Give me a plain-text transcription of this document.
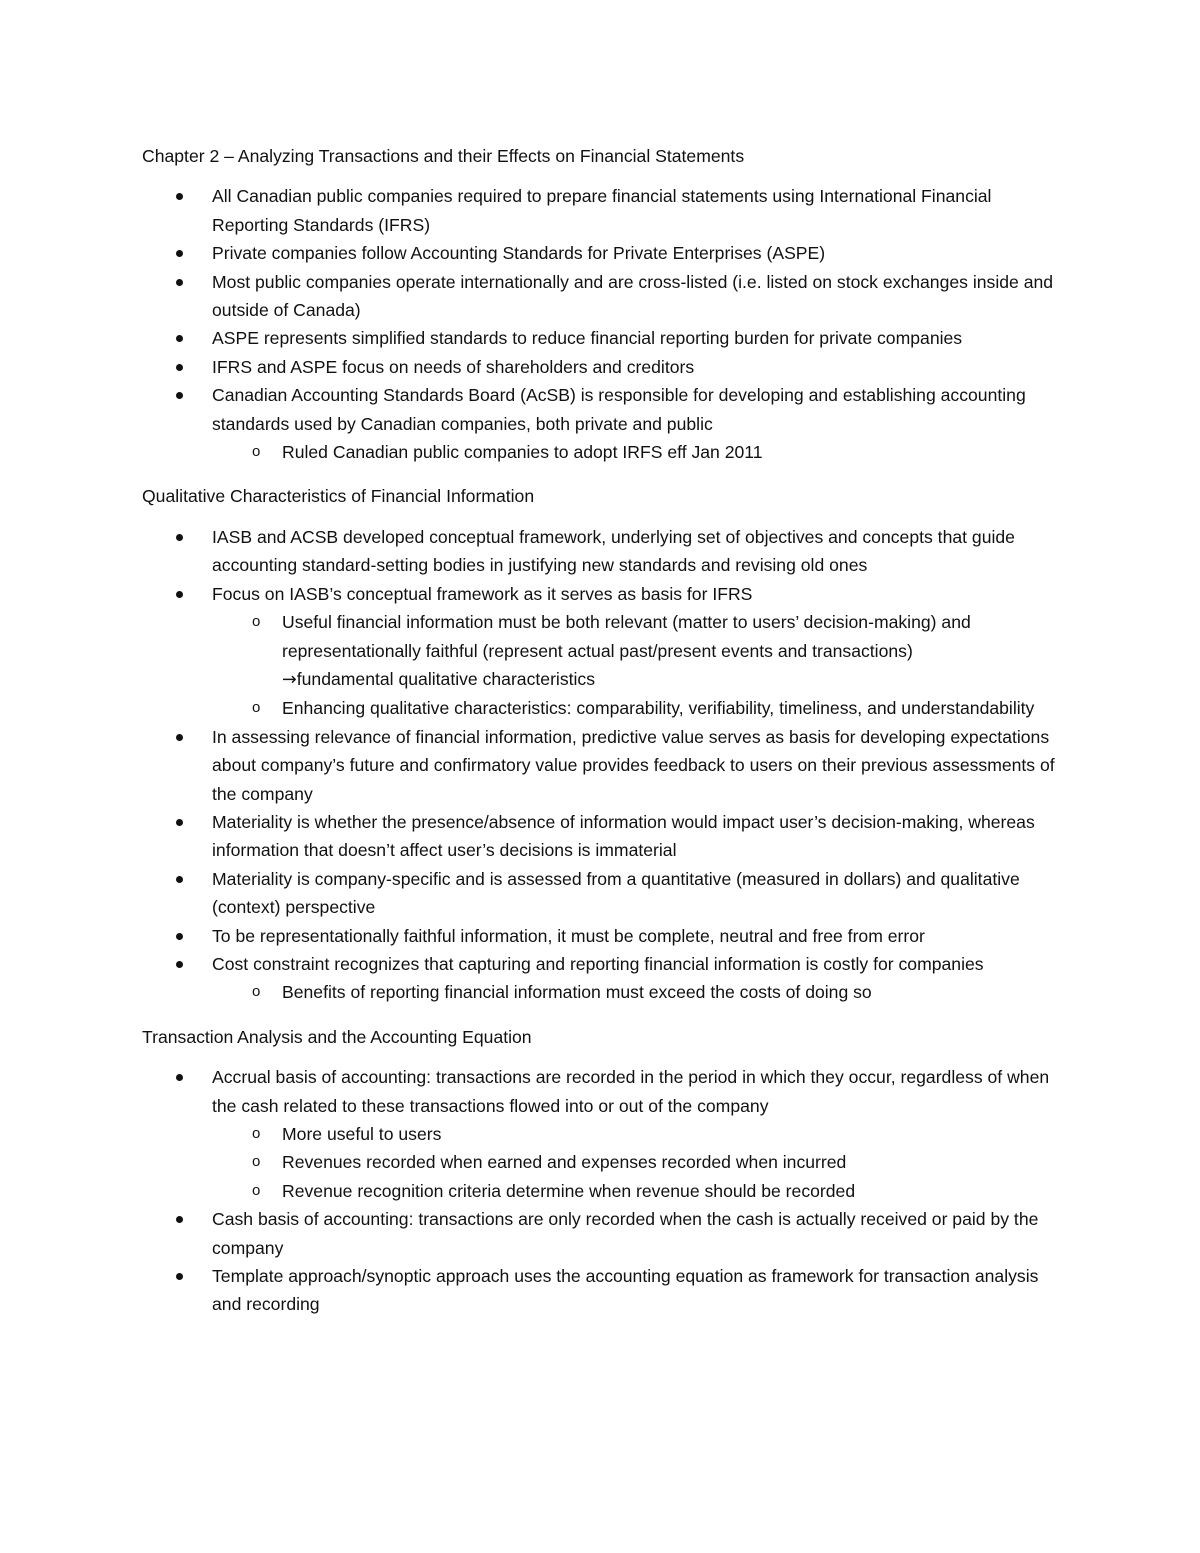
Chapter 2 – Analyzing Transactions and their Effects on Financial Statements

All Canadian public companies required to prepare financial statements using International Financial Reporting Standards (IFRS)
Private companies follow Accounting Standards for Private Enterprises (ASPE)
Most public companies operate internationally and are cross-listed (i.e. listed on stock exchanges inside and outside of Canada)
ASPE represents simplified standards to reduce financial reporting burden for private companies
IFRS and ASPE focus on needs of shareholders and creditors
Canadian Accounting Standards Board (AcSB) is responsible for developing and establishing accounting standards used by Canadian companies, both private and public
o Ruled Canadian public companies to adopt IRFS eff Jan 2011

Qualitative Characteristics of Financial Information

IASB and ACSB developed conceptual framework, underlying set of objectives and concepts that guide accounting standard-setting bodies in justifying new standards and revising old ones
Focus on IASB’s conceptual framework as it serves as basis for IFRS
o Useful financial information must be both relevant (matter to users’ decision-making) and representationally faithful (represent actual past/present events and transactions)
→fundamental qualitative characteristics
o Enhancing qualitative characteristics: comparability, verifiability, timeliness, and understandability
In assessing relevance of financial information, predictive value serves as basis for developing expectations about company’s future and confirmatory value provides feedback to users on their previous assessments of the company
Materiality is whether the presence/absence of information would impact user’s decision-making, whereas information that doesn’t affect user’s decisions is immaterial
Materiality is company-specific and is assessed from a quantitative (measured in dollars) and qualitative (context) perspective
To be representationally faithful information, it must be complete, neutral and free from error
Cost constraint recognizes that capturing and reporting financial information is costly for companies
o Benefits of reporting financial information must exceed the costs of doing so

Transaction Analysis and the Accounting Equation

Accrual basis of accounting: transactions are recorded in the period in which they occur, regardless of when the cash related to these transactions flowed into or out of the company
o More useful to users
o Revenues recorded when earned and expenses recorded when incurred
o Revenue recognition criteria determine when revenue should be recorded
Cash basis of accounting: transactions are only recorded when the cash is actually received or paid by the company
Template approach/synoptic approach uses the accounting equation as framework for transaction analysis and recording
